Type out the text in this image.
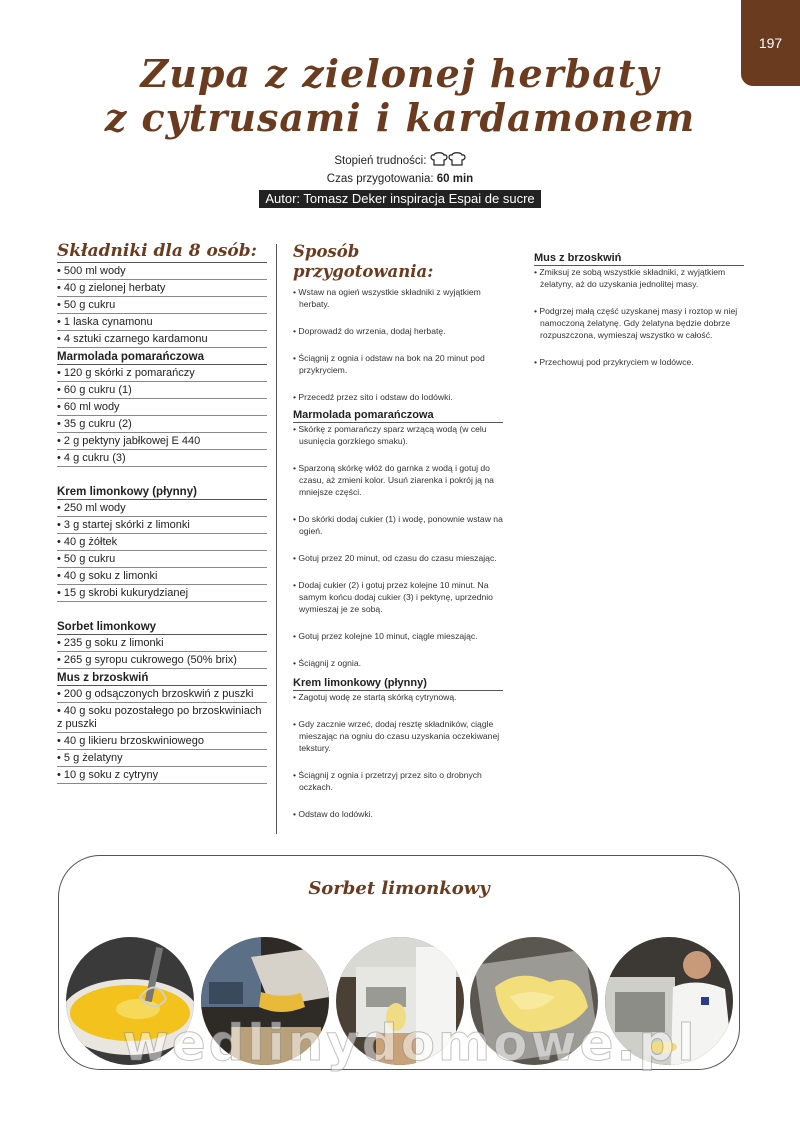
197
Zupa z zielonej herbaty
z cytrusami i kardamonem
Stopień trudności:
Czas przygotowania: 60 min
Autor: Tomasz Deker inspiracja Espai de sucre
Składniki dla 8 osób:
• 500 ml wody
• 40 g zielonej herbaty
• 50 g cukru
• 1 laska cynamonu
• 4 sztuki czarnego kardamonu
Marmolada pomarańczowa
• 120 g skórki z pomarańczy
• 60 g cukru (1)
• 60 ml wody
• 35 g cukru (2)
• 2 g pektyny jabłkowej E 440
• 4 g cukru (3)
Krem limonkowy (płynny)
• 250 ml wody
• 3 g startej skórki z limonki
• 40 g żółtek
• 50 g cukru
• 40 g soku z limonki
• 15 g skrobi kukurydzianej
Sorbet limonkowy
• 235 g soku z limonki
• 265 g syropu cukrowego (50% brix)
Mus z brzoskwiń
• 200 g odsączonych brzoskwiń z puszki
• 40 g soku pozostałego po brzoskwiniach z puszki
• 40 g likieru brzoskwiniowego
• 5 g żelatyny
• 10 g soku z cytryny
Sposób przygotowania:
• Wstaw na ogień wszystkie składniki z wyjątkiem herbaty.
• Doprowadź do wrzenia, dodaj herbatę.
• Ściągnij z ognia i odstaw na bok na 20 minut pod przykryciem.
• Przecedź przez sito i odstaw do lodówki.
Marmolada pomarańczowa
• Skórkę z pomarańczy sparz wrzącą wodą (w celu usunięcia gorzkiego smaku).
• Sparzoną skórkę włóż do garnka z wodą i gotuj do czasu, aż zmieni kolor. Usuń ziarenka i pokrój ją na mniejsze części.
• Do skórki dodaj cukier (1) i wodę, ponownie wstaw na ogień.
• Gotuj przez 20 minut, od czasu do czasu mieszając.
• Dodaj cukier (2) i gotuj przez kolejne 10 minut. Na samym końcu dodaj cukier (3) i pektynę, uprzednio wymieszaj je ze sobą.
• Gotuj przez kolejne 10 minut, ciągle mieszając.
• Ściągnij z ognia.
Krem limonkowy (płynny)
• Zagotuj wodę ze startą skórką cytrynową.
• Gdy zacznie wrzeć, dodaj resztę składników, ciągle mieszając na ogniu do czasu uzyskania oczekiwanej tekstury.
• Ściągnij z ognia i przetrzyj przez sito o drobnych oczkach.
• Odstaw do lodówki.
Mus z brzoskwiń
• Zmiksuj ze sobą wszystkie składniki, z wyjątkiem żelatyny, aż do uzyskania jednolitej masy.
• Podgrzej małą część uzyskanej masy i roztop w niej namoczoną żelatynę. Gdy żelatyna będzie dobrze rozpuszczona, wymieszaj wszystko w całość.
• Przechowuj pod przykryciem w lodówce.
Sorbet limonkowy
wedlinydomowe.pl
